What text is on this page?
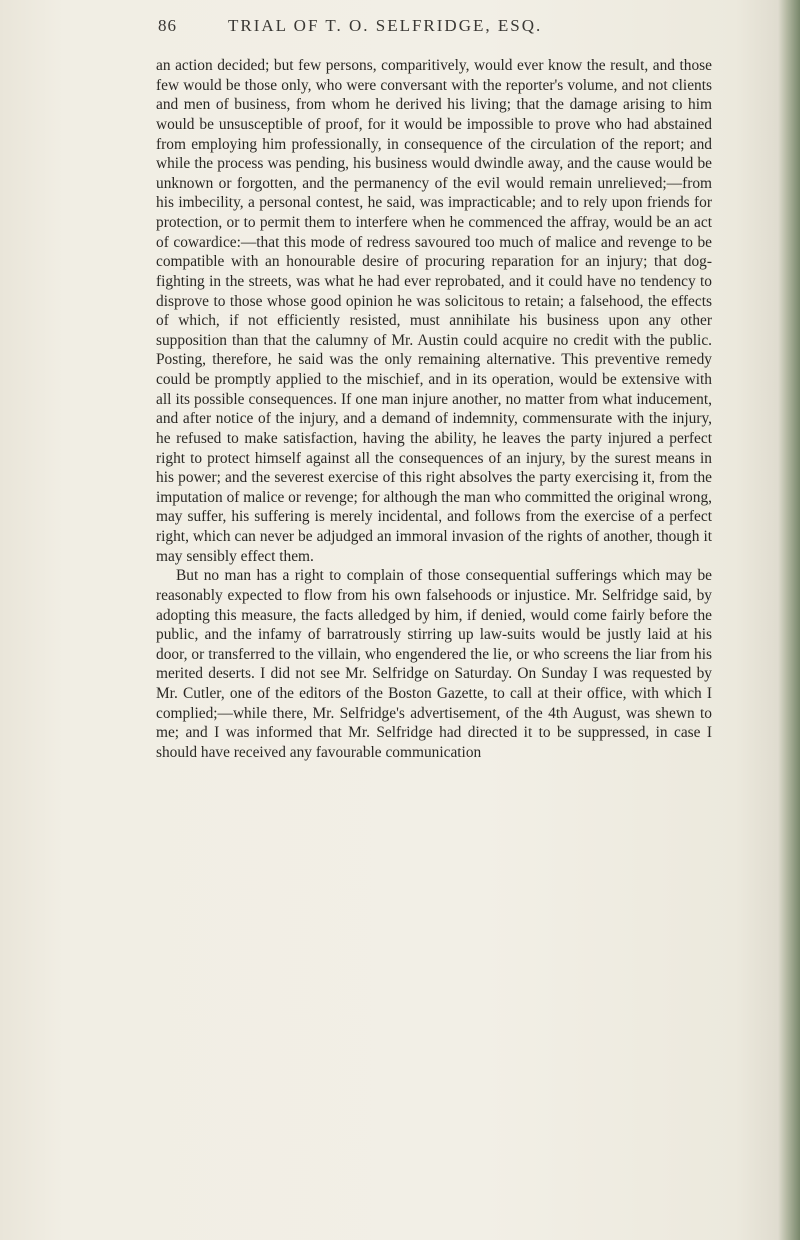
86	TRIAL OF T. O. SELFRIDGE, ESQ.

an action decided; but few persons, comparitively, would ever know the result, and those few would be those only, who were conversant with the reporter's volume, and not clients and men of business, from whom he derived his living; that the damage arising to him would be unsusceptible of proof, for it would be impossible to prove who had abstained from employing him professionally, in consequence of the circulation of the report; and while the process was pending, his business would dwindle away, and the cause would be unknown or forgotten, and the permanency of the evil would remain unrelieved;—from his imbecility, a personal contest, he said, was impracticable; and to rely upon friends for protection, or to permit them to interfere when he commenced the affray, would be an act of cowardice:—that this mode of redress savoured too much of malice and revenge to be compatible with an honourable desire of procuring reparation for an injury; that dog-fighting in the streets, was what he had ever reprobated, and it could have no tendency to disprove to those whose good opinion he was solicitous to retain; a falsehood, the effects of which, if not efficiently resisted, must annihilate his business upon any other supposition than that the calumny of Mr. Austin could acquire no credit with the public. Posting, therefore, he said was the only remaining alternative. This preventive remedy could be promptly applied to the mischief, and in its operation, would be extensive with all its possible consequences. If one man injure another, no matter from what inducement, and after notice of the injury, and a demand of indemnity, commensurate with the injury, he refused to make satisfaction, having the ability, he leaves the party injured a perfect right to protect himself against all the consequences of an injury, by the surest means in his power; and the severest exercise of this right absolves the party exercising it, from the imputation of malice or revenge; for although the man who committed the original wrong, may suffer, his suffering is merely incidental, and follows from the exercise of a perfect right, which can never be adjudged an immoral invasion of the rights of another, though it may sensibly effect them.

But no man has a right to complain of those consequential sufferings which may be reasonably expected to flow from his own falsehoods or injustice. Mr. Selfridge said, by adopting this measure, the facts alledged by him, if denied, would come fairly before the public, and the infamy of barratrously stirring up law-suits would be justly laid at his door, or transferred to the villain, who engendered the lie, or who screens the liar from his merited deserts. I did not see Mr. Selfridge on Saturday. On Sunday I was requested by Mr. Cutler, one of the editors of the Boston Gazette, to call at their office, with which I complied;—while there, Mr. Selfridge's advertisement, of the 4th August, was shewn to me; and I was informed that Mr. Selfridge had directed it to be suppressed, in case I should have received any favourable communication
